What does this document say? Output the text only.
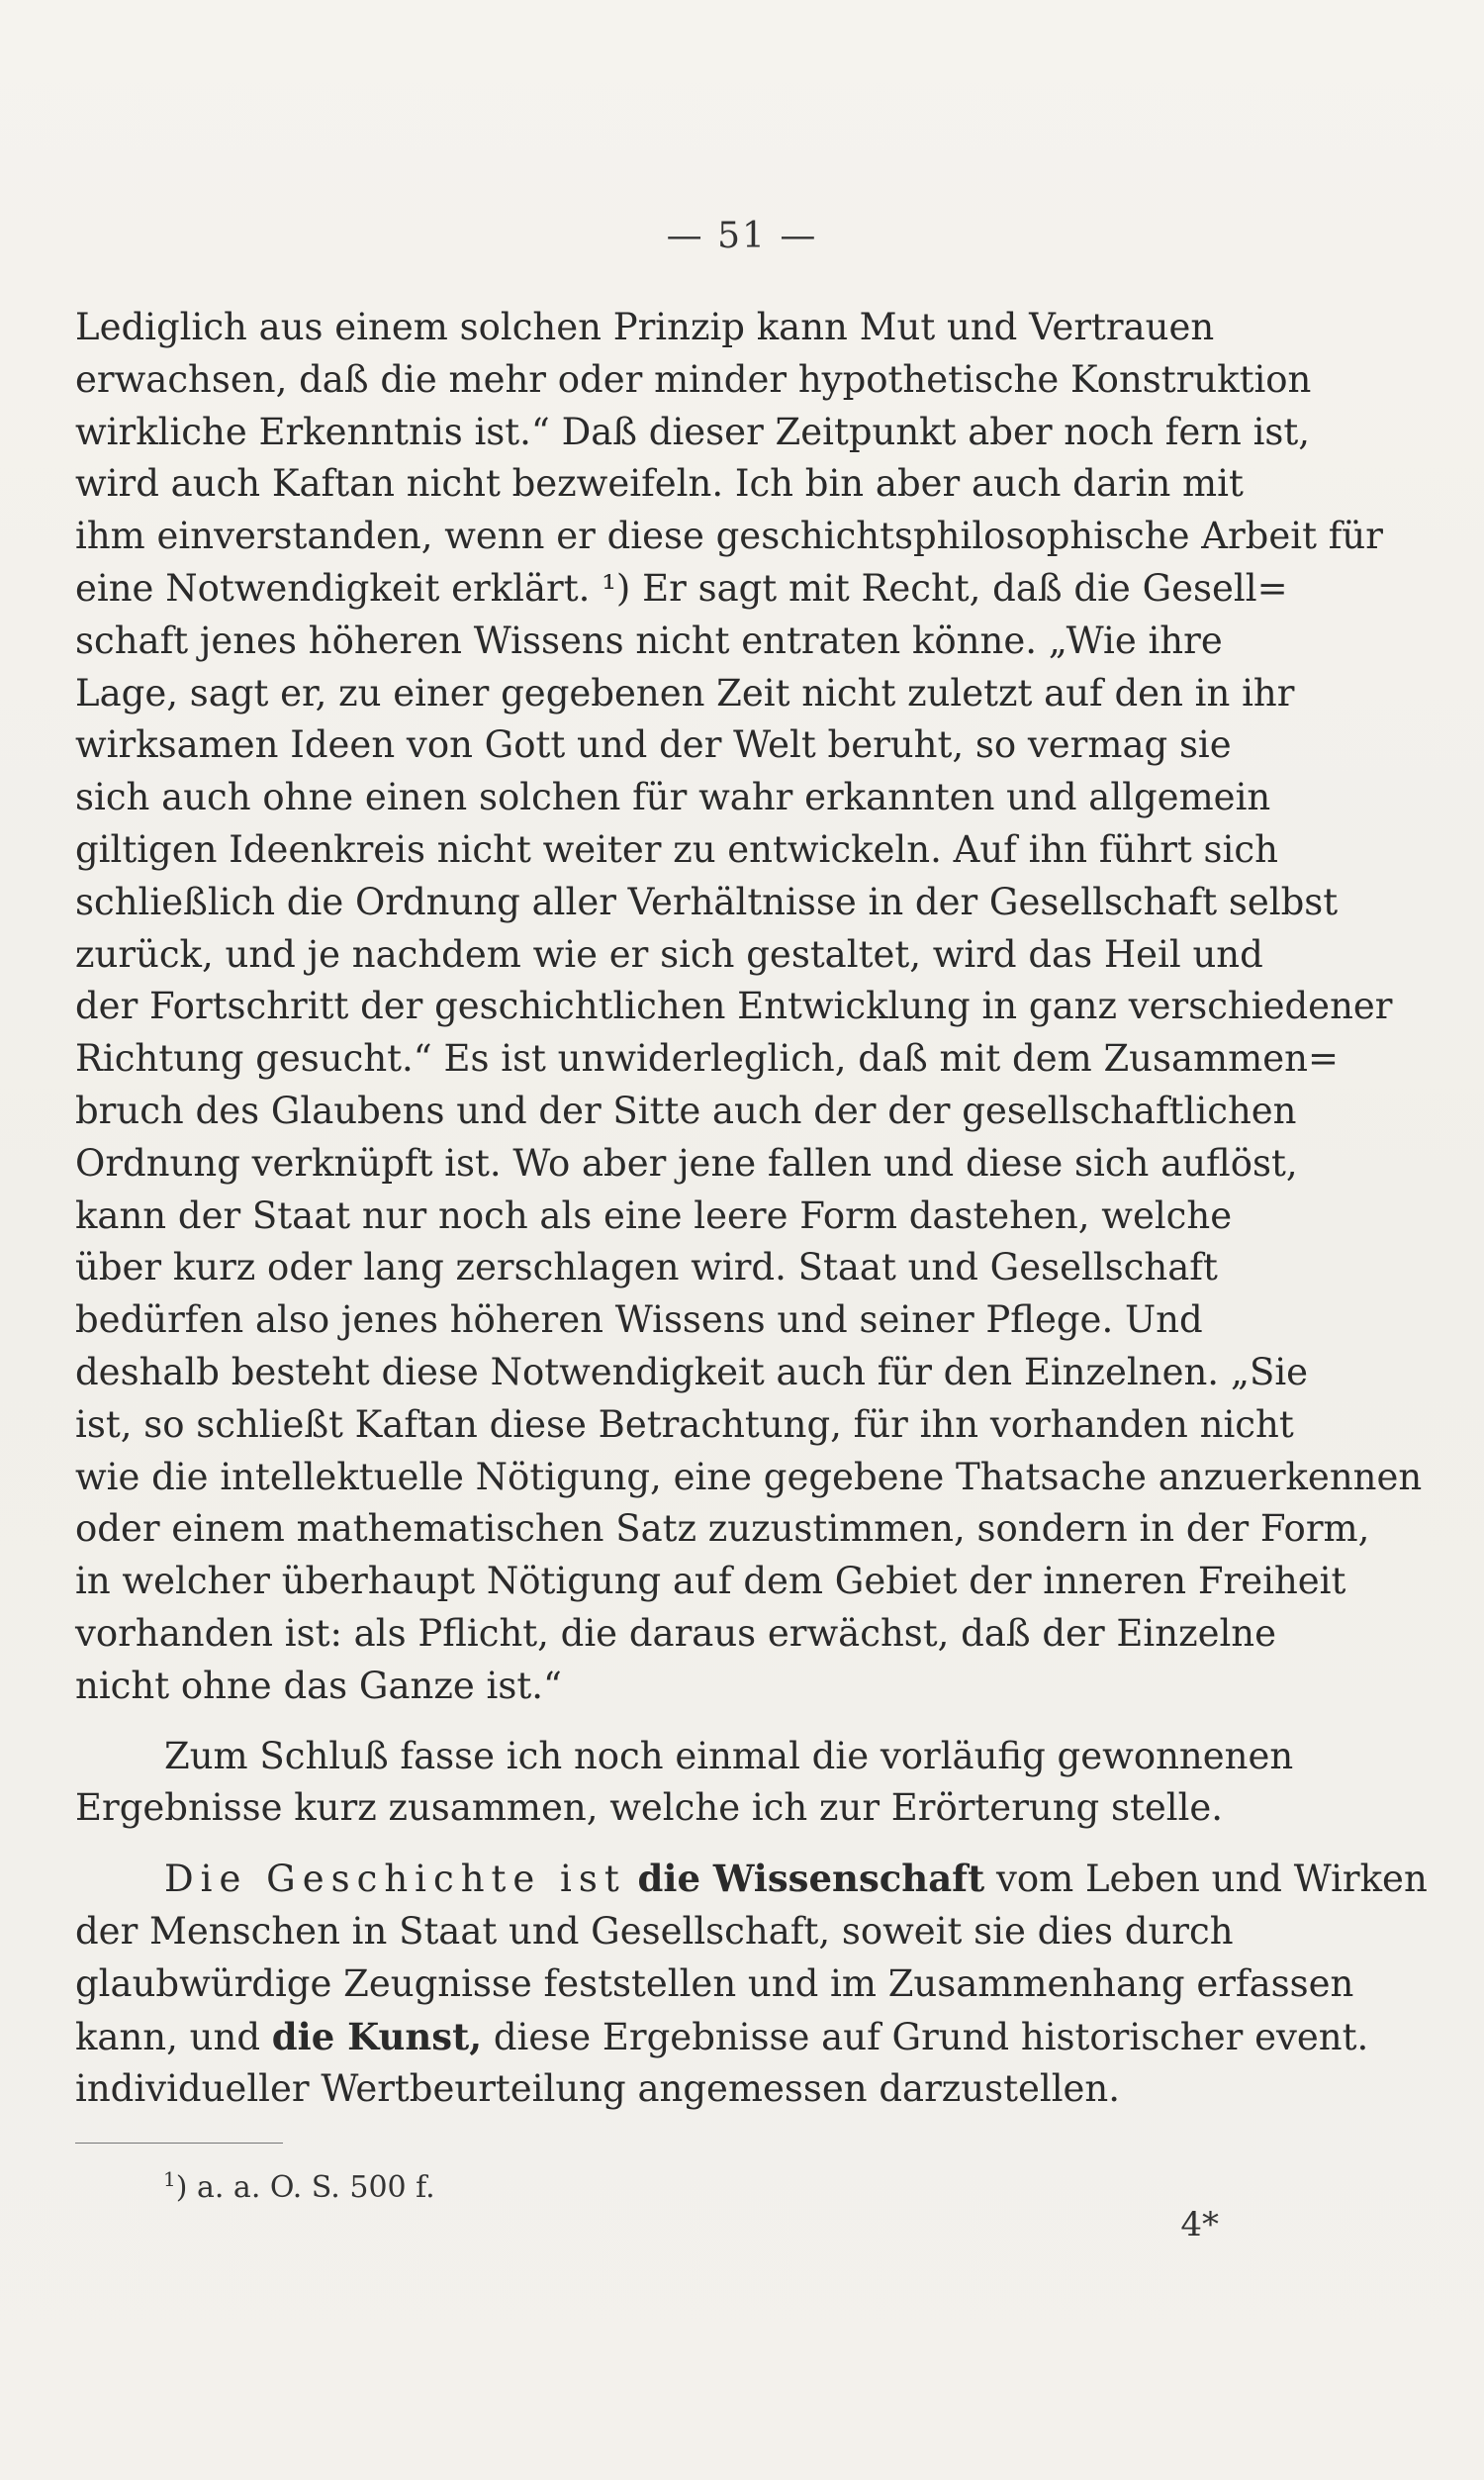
— 51 —
Lediglich aus einem solchen Prinzip kann Mut und Vertrauen
erwachsen, daß die mehr oder minder hypothetische Konstruktion
wirkliche Erkenntnis ist.“ Daß dieser Zeitpunkt aber noch fern ist,
wird auch Kaftan nicht bezweifeln. Ich bin aber auch darin mit
ihm einverstanden, wenn er diese geschichtsphilosophische Arbeit für
eine Notwendigkeit erklärt. ¹) Er sagt mit Recht, daß die Gesell=
schaft jenes höheren Wissens nicht entraten könne. „Wie ihre
Lage, sagt er, zu einer gegebenen Zeit nicht zuletzt auf den in ihr
wirksamen Ideen von Gott und der Welt beruht, so vermag sie
sich auch ohne einen solchen für wahr erkannten und allgemein
giltigen Ideenkreis nicht weiter zu entwickeln. Auf ihn führt sich
schließlich die Ordnung aller Verhältnisse in der Gesellschaft selbst
zurück, und je nachdem wie er sich gestaltet, wird das Heil und
der Fortschritt der geschichtlichen Entwicklung in ganz verschiedener
Richtung gesucht.“ Es ist unwiderleglich, daß mit dem Zusammen=
bruch des Glaubens und der Sitte auch der der gesellschaftlichen
Ordnung verknüpft ist. Wo aber jene fallen und diese sich auflöst,
kann der Staat nur noch als eine leere Form dastehen, welche
über kurz oder lang zerschlagen wird. Staat und Gesellschaft
bedürfen also jenes höheren Wissens und seiner Pflege. Und
deshalb besteht diese Notwendigkeit auch für den Einzelnen. „Sie
ist, so schließt Kaftan diese Betrachtung, für ihn vorhanden nicht
wie die intellektuelle Nötigung, eine gegebene Thatsache anzuerkennen
oder einem mathematischen Satz zuzustimmen, sondern in der Form,
in welcher überhaupt Nötigung auf dem Gebiet der inneren Freiheit
vorhanden ist: als Pflicht, die daraus erwächst, daß der Einzelne
nicht ohne das Ganze ist.“
Zum Schluß fasse ich noch einmal die vorläufig gewonnenen
Ergebnisse kurz zusammen, welche ich zur Erörterung stelle.
Die Geschichte ist die Wissenschaft vom Leben und Wirken
der Menschen in Staat und Gesellschaft, soweit sie dies durch
glaubwürdige Zeugnisse feststellen und im Zusammenhang erfassen
kann, und die Kunst, diese Ergebnisse auf Grund historischer event.
individueller Wertbeurteilung angemessen darzustellen.
$^1$) a. a. O. S. 500 f.
4*
